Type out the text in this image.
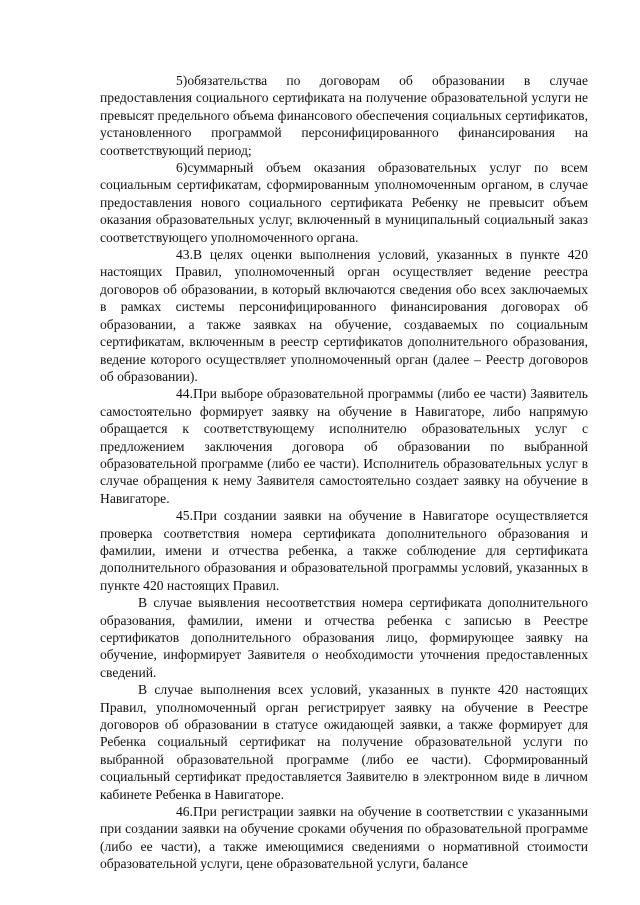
5)обязательства по договорам об образовании в случае предоставления социального сертификата на получение образовательной услуги не превысят предельного объема финансового обеспечения социальных сертификатов, установленного программой персонифицированного финансирования на соответствующий период;

6)суммарный объем оказания образовательных услуг по всем социальным сертификатам, сформированным уполномоченным органом, в случае предоставления нового социального сертификата Ребенку не превысит объем оказания образовательных услуг, включенный в муниципальный социальный заказ соответствующего уполномоченного органа.

43.В целях оценки выполнения условий, указанных в пункте 420 настоящих Правил, уполномоченный орган осуществляет ведение реестра договоров об образовании, в который включаются сведения обо всех заключаемых в рамках системы персонифицированного финансирования договорах об образовании, а также заявках на обучение, создаваемых по социальным сертификатам, включенным в реестр сертификатов дополнительного образования, ведение которого осуществляет уполномоченный орган (далее – Реестр договоров об образовании).

44.При выборе образовательной программы (либо ее части) Заявитель самостоятельно формирует заявку на обучение в Навигаторе, либо напрямую обращается к соответствующему исполнителю образовательных услуг с предложением заключения договора об образовании по выбранной образовательной программе (либо ее части). Исполнитель образовательных услуг в случае обращения к нему Заявителя самостоятельно создает заявку на обучение в Навигаторе.

45.При создании заявки на обучение в Навигаторе осуществляется проверка соответствия номера сертификата дополнительного образования и фамилии, имени и отчества ребенка, а также соблюдение для сертификата дополнительного образования и образовательной программы условий, указанных в пункте 420 настоящих Правил.

В случае выявления несоответствия номера сертификата дополнительного образования, фамилии, имени и отчества ребенка с записью в Реестре сертификатов дополнительного образования лицо, формирующее заявку на обучение, информирует Заявителя о необходимости уточнения предоставленных сведений.

В случае выполнения всех условий, указанных в пункте 420 настоящих Правил, уполномоченный орган регистрирует заявку на обучение в Реестре договоров об образовании в статусе ожидающей заявки, а также формирует для Ребенка социальный сертификат на получение образовательной услуги по выбранной образовательной программе (либо ее части). Сформированный социальный сертификат предоставляется Заявителю в электронном виде в личном кабинете Ребенка в Навигаторе.

46.При регистрации заявки на обучение в соответствии с указанными при создании заявки на обучение сроками обучения по образовательной программе (либо ее части), а также имеющимися сведениями о нормативной стоимости образовательной услуги, цене образовательной услуги, балансе
